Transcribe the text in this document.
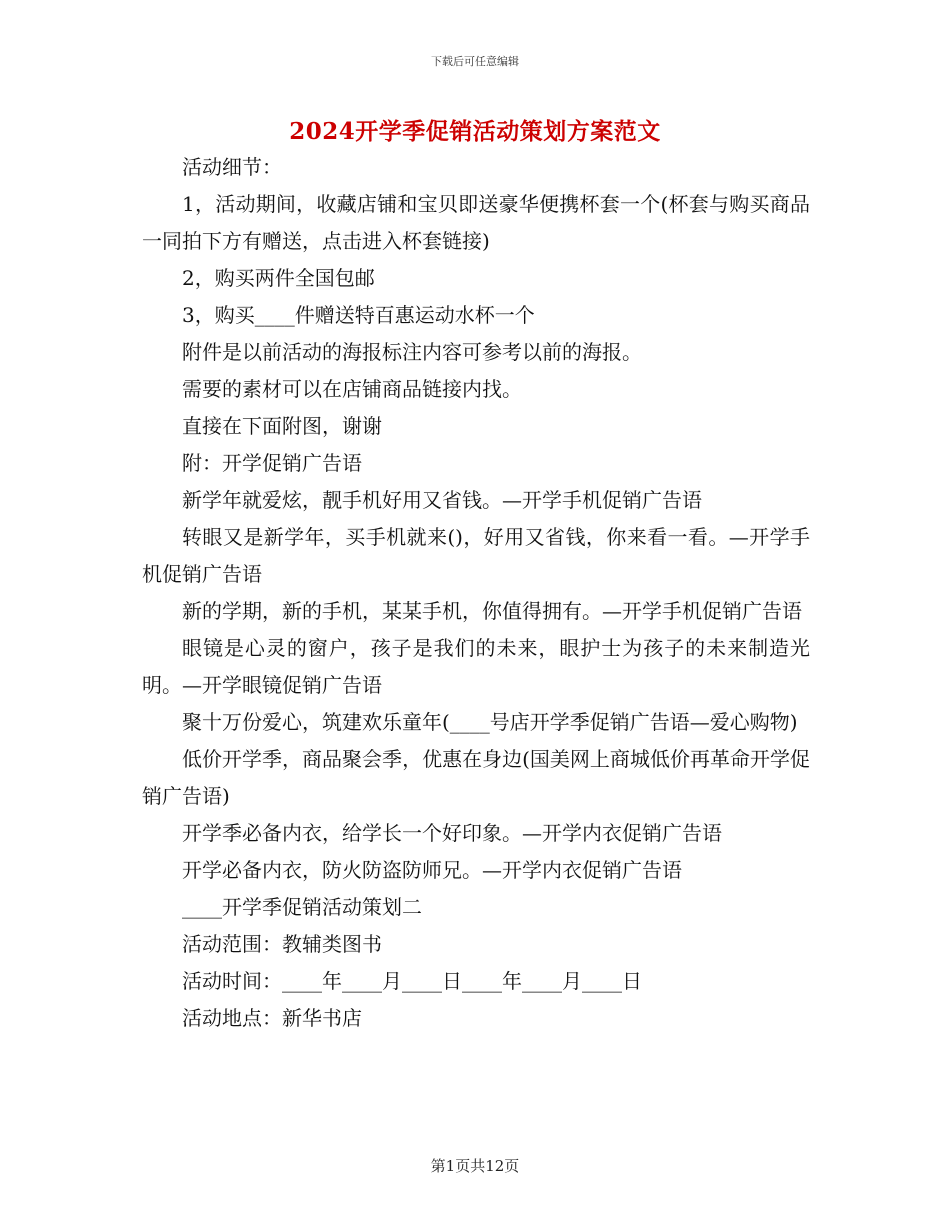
下载后可任意编辑
2024开学季促销活动策划方案范文

活动细节：

1，活动期间，收藏店铺和宝贝即送豪华便携杯套一个(杯套与购买商品一同拍下方有赠送，点击进入杯套链接)

2，购买两件全国包邮

3，购买____件赠送特百惠运动水杯一个

附件是以前活动的海报标注内容可参考以前的海报。

需要的素材可以在店铺商品链接内找。

直接在下面附图，谢谢

附：开学促销广告语

新学年就爱炫，靓手机好用又省钱。—开学手机促销广告语

转眼又是新学年，买手机就来()，好用又省钱，你来看一看。—开学手机促销广告语

新的学期，新的手机，某某手机，你值得拥有。—开学手机促销广告语

眼镜是心灵的窗户，孩子是我们的未来，眼护士为孩子的未来制造光明。—开学眼镜促销广告语

聚十万份爱心，筑建欢乐童年(____号店开学季促销广告语—爱心购物)

低价开学季，商品聚会季，优惠在身边(国美网上商城低价再革命开学促销广告语)

开学季必备内衣，给学长一个好印象。—开学内衣促销广告语

开学必备内衣，防火防盗防师兄。—开学内衣促销广告语

____开学季促销活动策划二

活动范围：教辅类图书

活动时间：____年____月____日____年____月____日

活动地点：新华书店

第1页共12页
